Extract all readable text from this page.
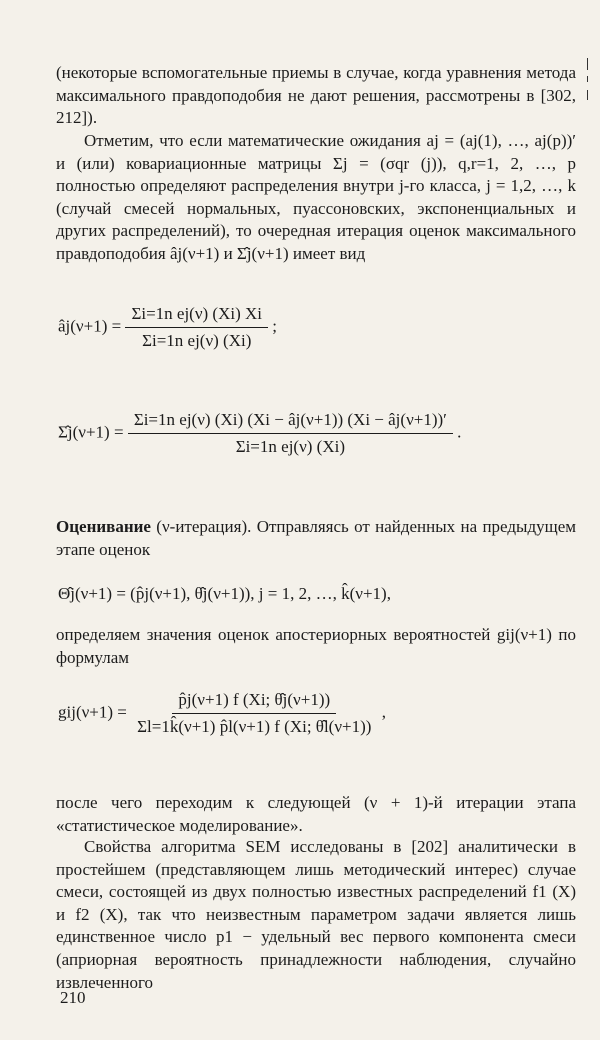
(некоторые вспомогательные приемы в случае, когда уравнения метода максимального правдоподобия не дают решения, рассмотрены в [302, 212]).

Отметим, что если математические ожидания aj = (aj(1), …, aj(p))′ и (или) ковариационные матрицы Σj = (σqr (j)), q,r=1, 2, …, p полностью определяют распределения внутри j-го класса, j = 1,2, …, k (случай смесей нормальных, пуассоновских, экспоненциальных и других распределений), то очередная итерация оценок максимального правдоподобия âj(ν+1) и Σ̂j(ν+1) имеет вид

âj(ν+1) = $\frac{\text{Σi=1n ej(ν) (Xi) Xi}}{\text{Σi=1n ej(ν) (Xi)}}$ ;
Σ̂j(ν+1) = $\frac{\text{Σi=1n ej(ν) (Xi) (Xi − âj(ν+1)) (Xi − âj(ν+1))′}}{\text{Σi=1n ej(ν) (Xi)}}$ .

Оценивание (ν-итерация). Отправляясь от найденных на предыдущем этапе оценок

Θ̂j(ν+1) = (p̂j(ν+1), θ̂j(ν+1)), j = 1, 2, …, k̂(ν+1),

определяем значения оценок апостериорных вероятностей gij(ν+1) по формулам

$gij(\nu+1) = \frac{p̂j(\nu+1) f (Xi; \thetâj(\nu+1))}{\Sigma l=1k̂(\nu+1) p̂l(\nu+1) f (Xi; \thetâl(\nu+1))}$ ,

после чего переходим к следующей (ν + 1)-й итерации этапа «статистическое моделирование».

Свойства алгоритма SEM исследованы в [202] аналитически в простейшем (представляющем лишь методический интерес) случае смеси, состоящей из двух полностью известных распределений f1 (X) и f2 (X), так что неизвестным параметром задачи является лишь единственное число p1 − удельный вес первого компонента смеси (априорная вероятность принадлежности наблюдения, случайно извлеченного

210
